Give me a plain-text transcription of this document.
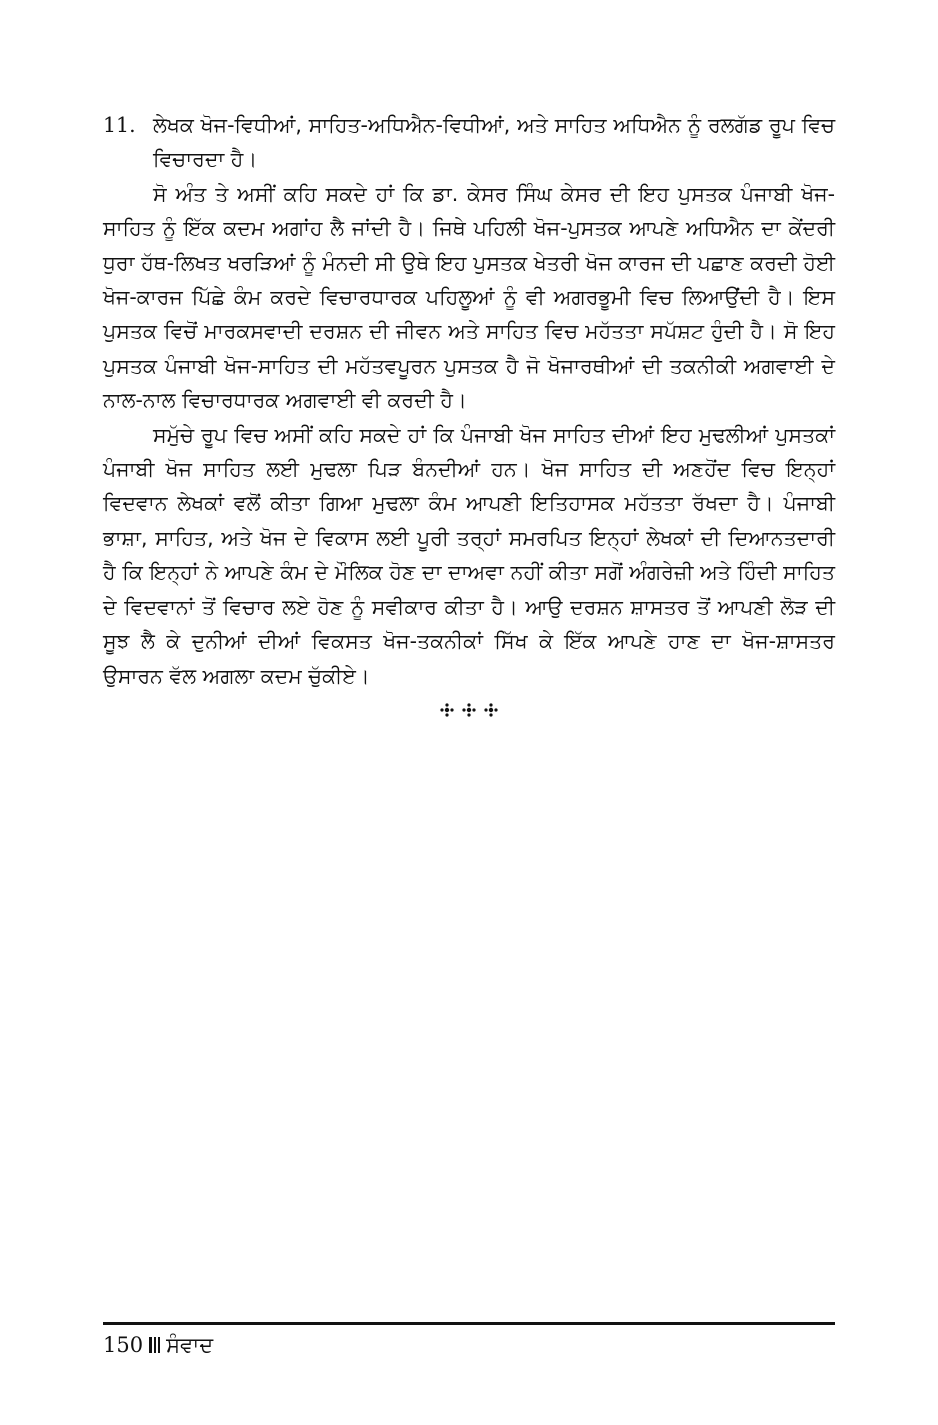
11. ਲੇਖਕ ਖੋਜ-ਵਿਧੀਆਂ, ਸਾਹਿਤ-ਅਧਿਐਨ-ਵਿਧੀਆਂ, ਅਤੇ ਸਾਹਿਤ ਅਧਿਐਨ ਨੂੰ ਰਲਗੱਡ ਰੂਪ ਵਿਚ ਵਿਚਾਰਦਾ ਹੈ।

ਸੋ ਅੰਤ ਤੇ ਅਸੀਂ ਕਹਿ ਸਕਦੇ ਹਾਂ ਕਿ ਡਾ. ਕੇਸਰ ਸਿੰਘ ਕੇਸਰ ਦੀ ਇਹ ਪੁਸਤਕ ਪੰਜਾਬੀ ਖੋਜ-ਸਾਹਿਤ ਨੂੰ ਇੱਕ ਕਦਮ ਅਗਾਂਹ ਲੈ ਜਾਂਦੀ ਹੈ। ਜਿਥੇ ਪਹਿਲੀ ਖੋਜ-ਪੁਸਤਕ ਆਪਣੇ ਅਧਿਐਨ ਦਾ ਕੇਂਦਰੀ ਧੁਰਾ ਹੱਥ-ਲਿਖਤ ਖਰੜਿਆਂ ਨੂੰ ਮੰਨਦੀ ਸੀ ਉਥੇ ਇਹ ਪੁਸਤਕ ਖੇਤਰੀ ਖੋਜ ਕਾਰਜ ਦੀ ਪਛਾਣ ਕਰਦੀ ਹੋਈ ਖੋਜ-ਕਾਰਜ ਪਿੱਛੇ ਕੰਮ ਕਰਦੇ ਵਿਚਾਰਧਾਰਕ ਪਹਿਲੂਆਂ ਨੂੰ ਵੀ ਅਗਰਭੂਮੀ ਵਿਚ ਲਿਆਉਂਦੀ ਹੈ। ਇਸ ਪੁਸਤਕ ਵਿਚੋਂ ਮਾਰਕਸਵਾਦੀ ਦਰਸ਼ਨ ਦੀ ਜੀਵਨ ਅਤੇ ਸਾਹਿਤ ਵਿਚ ਮਹੱਤਤਾ ਸਪੱਸ਼ਟ ਹੁੰਦੀ ਹੈ। ਸੋ ਇਹ ਪੁਸਤਕ ਪੰਜਾਬੀ ਖੋਜ-ਸਾਹਿਤ ਦੀ ਮਹੱਤਵਪੂਰਨ ਪੁਸਤਕ ਹੈ ਜੋ ਖੋਜਾਰਥੀਆਂ ਦੀ ਤਕਨੀਕੀ ਅਗਵਾਈ ਦੇ ਨਾਲ-ਨਾਲ ਵਿਚਾਰਧਾਰਕ ਅਗਵਾਈ ਵੀ ਕਰਦੀ ਹੈ।

ਸਮੁੱਚੇ ਰੂਪ ਵਿਚ ਅਸੀਂ ਕਹਿ ਸਕਦੇ ਹਾਂ ਕਿ ਪੰਜਾਬੀ ਖੋਜ ਸਾਹਿਤ ਦੀਆਂ ਇਹ ਮੁਢਲੀਆਂ ਪੁਸਤਕਾਂ ਪੰਜਾਬੀ ਖੋਜ ਸਾਹਿਤ ਲਈ ਮੁਢਲਾ ਪਿੜ ਬੰਨਦੀਆਂ ਹਨ। ਖੋਜ ਸਾਹਿਤ ਦੀ ਅਣਹੋਂਦ ਵਿਚ ਇਨ੍ਹਾਂ ਵਿਦਵਾਨ ਲੇਖਕਾਂ ਵਲੋਂ ਕੀਤਾ ਗਿਆ ਮੁਢਲਾ ਕੰਮ ਆਪਣੀ ਇਤਿਹਾਸਕ ਮਹੱਤਤਾ ਰੱਖਦਾ ਹੈ। ਪੰਜਾਬੀ ਭਾਸ਼ਾ, ਸਾਹਿਤ, ਅਤੇ ਖੋਜ ਦੇ ਵਿਕਾਸ ਲਈ ਪੂਰੀ ਤਰ੍ਹਾਂ ਸਮਰਪਿਤ ਇਨ੍ਹਾਂ ਲੇਖਕਾਂ ਦੀ ਦਿਆਨਤਦਾਰੀ ਹੈ ਕਿ ਇਨ੍ਹਾਂ ਨੇ ਆਪਣੇ ਕੰਮ ਦੇ ਮੌਲਿਕ ਹੋਣ ਦਾ ਦਾਅਵਾ ਨਹੀਂ ਕੀਤਾ ਸਗੋਂ ਅੰਗਰੇਜ਼ੀ ਅਤੇ ਹਿੰਦੀ ਸਾਹਿਤ ਦੇ ਵਿਦਵਾਨਾਂ ਤੋਂ ਵਿਚਾਰ ਲਏ ਹੋਣ ਨੂੰ ਸਵੀਕਾਰ ਕੀਤਾ ਹੈ। ਆਉ ਦਰਸ਼ਨ ਸ਼ਾਸਤਰ ਤੋਂ ਆਪਣੀ ਲੋੜ ਦੀ ਸੂਝ ਲੈ ਕੇ ਦੁਨੀਆਂ ਦੀਆਂ ਵਿਕਸਤ ਖੋਜ-ਤਕਨੀਕਾਂ ਸਿੱਖ ਕੇ ਇੱਕ ਆਪਣੇ ਹਾਣ ਦਾ ਖੋਜ-ਸ਼ਾਸਤਰ ਉਸਾਰਨ ਵੱਲ ਅਗਲਾ ਕਦਮ ਚੁੱਕੀਏ।

150 ਸੰਵਾਦ
